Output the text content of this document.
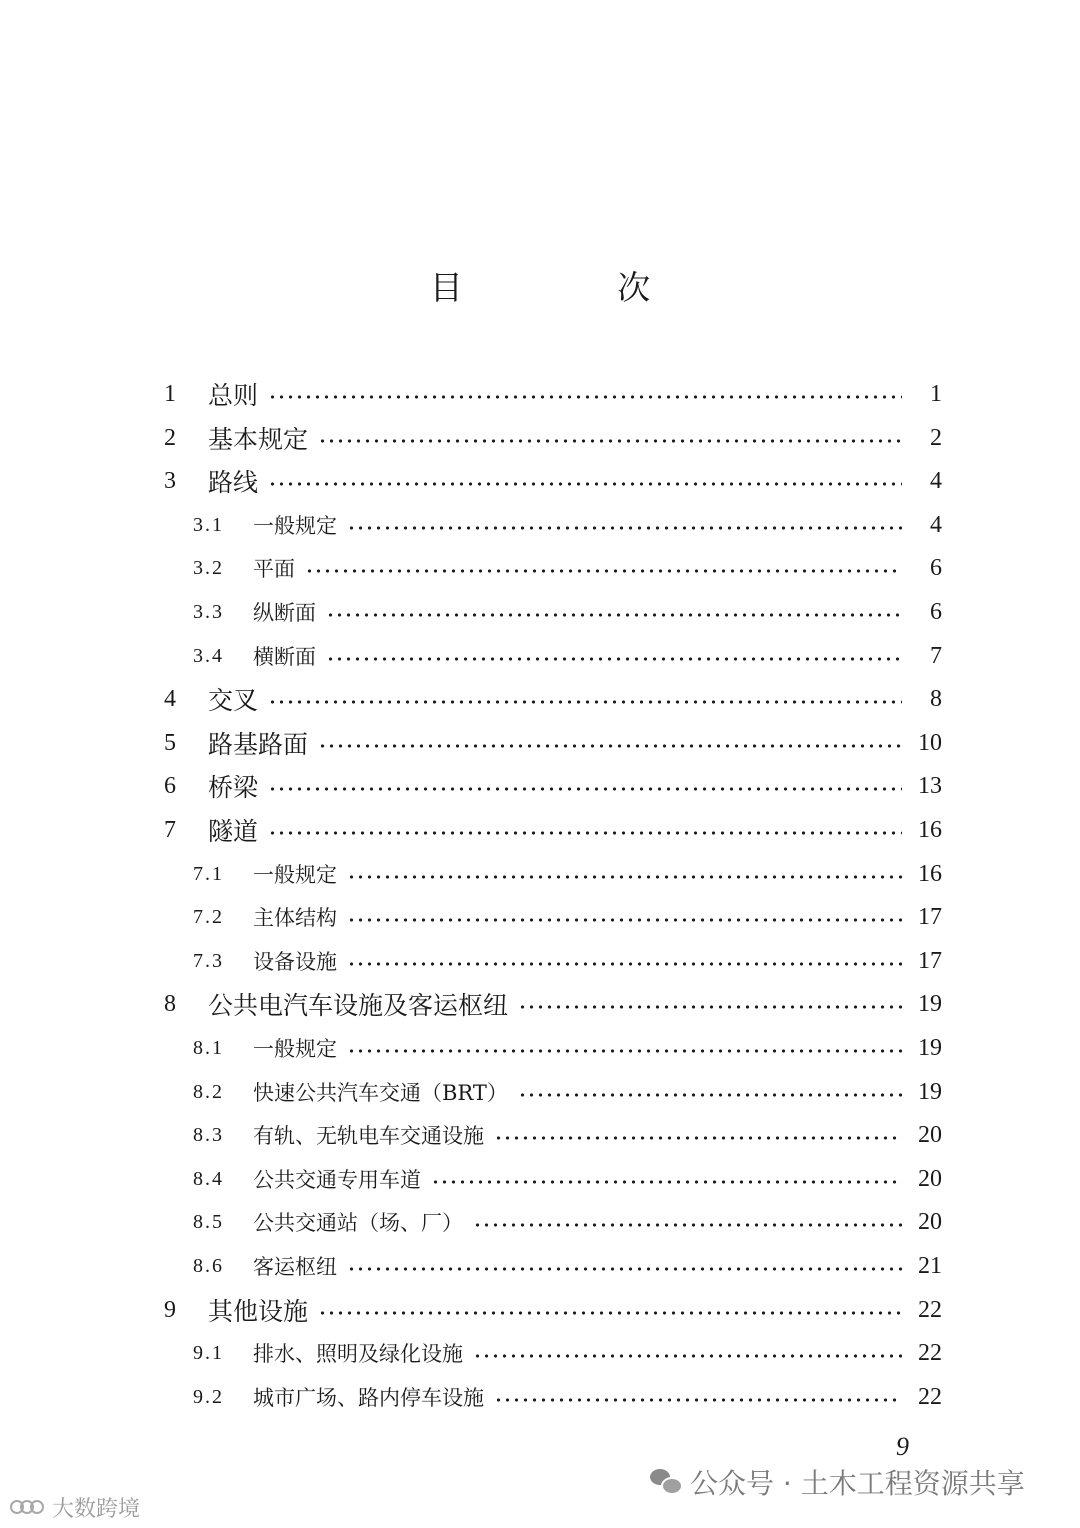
目 次
1	总则	1
2	基本规定	2
3	路线	4
3.1	一般规定	4
3.2	平面	6
3.3	纵断面	6
3.4	横断面	7
4	交叉	8
5	路基路面	10
6	桥梁	13
7	隧道	16
7.1	一般规定	16
7.2	主体结构	17
7.3	设备设施	17
8	公共电汽车设施及客运枢纽	19
8.1	一般规定	19
8.2	快速公共汽车交通（BRT）	19
8.3	有轨、无轨电车交通设施	20
8.4	公共交通专用车道	20
8.5	公共交通站（场、厂）	20
8.6	客运枢纽	21
9	其他设施	22
9.1	排水、照明及绿化设施	22
9.2	城市广场、路内停车设施	22
9
公众号 · 土木工程资源共享
大数跨境
